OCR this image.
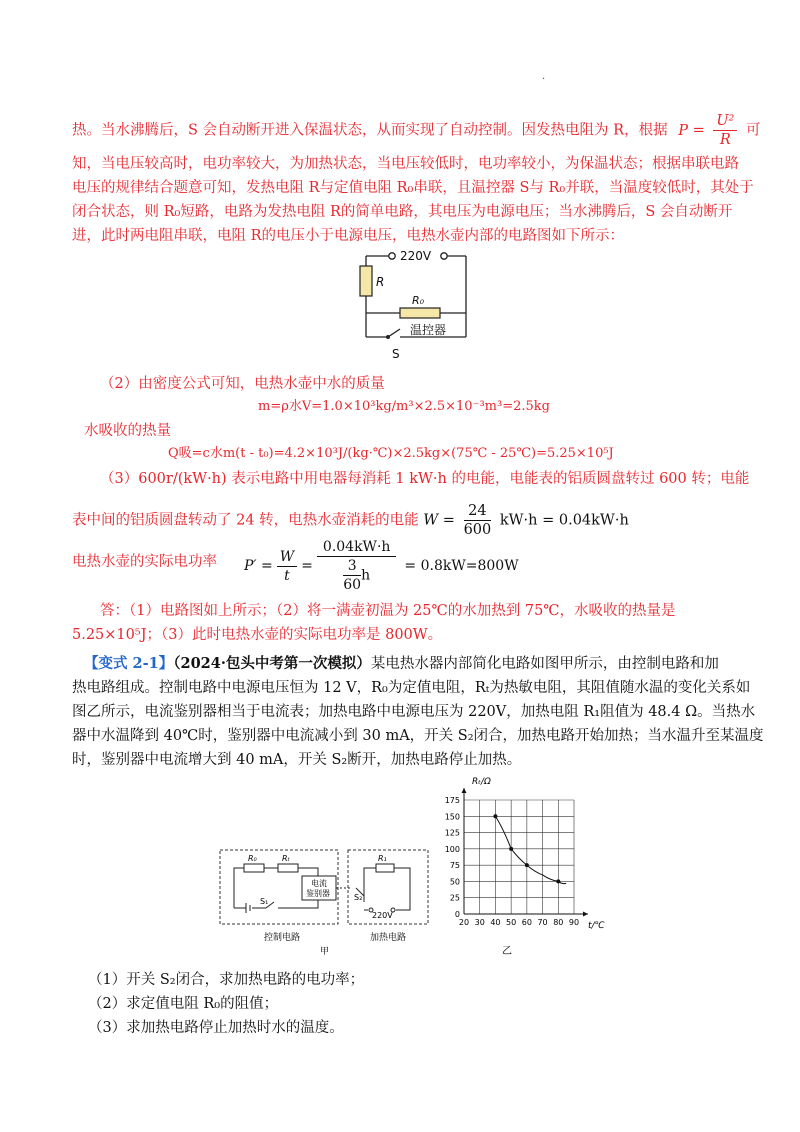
·
热。当水沸腾后，S 会自动断开进入保温状态，从而实现了自动控制。因发热电阻为 R，根据 $P = \frac{\text{U²}}{R}$ 可
知，当电压较高时，电功率较大，为加热状态，当电压较低时，电功率较小，为保温状态；根据串联电路
电压的规律结合题意可知，发热电阻 R与定值电阻 R₀串联，且温控器 S与 R₀并联，当温度较低时，其处于
闭合状态，则 R₀短路，电路为发热电阻 R的简单电路，其电压为电源电压；当水沸腾后，S 会自动断开
进，此时两电阻串联，电阻 R的电压小于电源电压，电热水壶内部的电路图如下所示：
220V
R
R₀
温控器
S
（2）由密度公式可知，电热水壶中水的质量
m=ρ水V=1.0×10³kg/m³×2.5×10⁻³m³=2.5kg
水吸收的热量
Q吸=c水m(t - t₀)=4.2×10³J/(kg·℃)×2.5kg×(75℃ - 25℃)=5.25×10⁵J
（3）600r/(kW·h) 表示电路中用电器每消耗 1 kW·h 的电能，电能表的铝质圆盘转过 600 转；电能
表中间的铝质圆盘转动了 24 转，电热水壶消耗的电能 $W = \frac{24}{600} kW\cdot h = 0.04kW\cdot h$
电热水壶的实际电功率 $P' = \frac{W}{t} = \frac{0.04kW\cdot h}{\frac{3}{60} h} = 0.8kW=800W$
答：（1）电路图如上所示；（2）将一满壶初温为 25℃的水加热到 75℃，水吸收的热量是
5.25×10⁵J；（3）此时电热水壶的实际电功率是 800W。
【变式 2-1】（2024·包头中考第一次模拟）某电热水器内部简化电路如图甲所示，由控制电路和加
热电路组成。控制电路中电源电压恒为 12 V，R₀为定值电阻，Rₜ为热敏电阻，其阻值随水温的变化关系如
图乙所示，电流鉴别器相当于电流表；加热电路中电源电压为 220V，加热电阻 R₁阻值为 48.4 Ω。当热水
器中水温降到 40℃时，鉴别器中电流减小到 30 mA，开关 S₂闭合，加热电路开始加热；当水温升至某温度
时，鉴别器中电流增大到 40 mA，开关 S₂断开，加热电路停止加热。
R₀	Rₜ
电流
鉴别器
S₁
R₁
S₂
220V
控制电路	加热电路
甲
20 30 40 50 60 70 80 90
0
25
50
75
100
125
150
175
Rₜ/Ω
t/℃
乙
（1）开关 S₂闭合，求加热电路的电功率；
（2）求定值电阻 R₀的阻值；
（3）求加热电路停止加热时水的温度。
